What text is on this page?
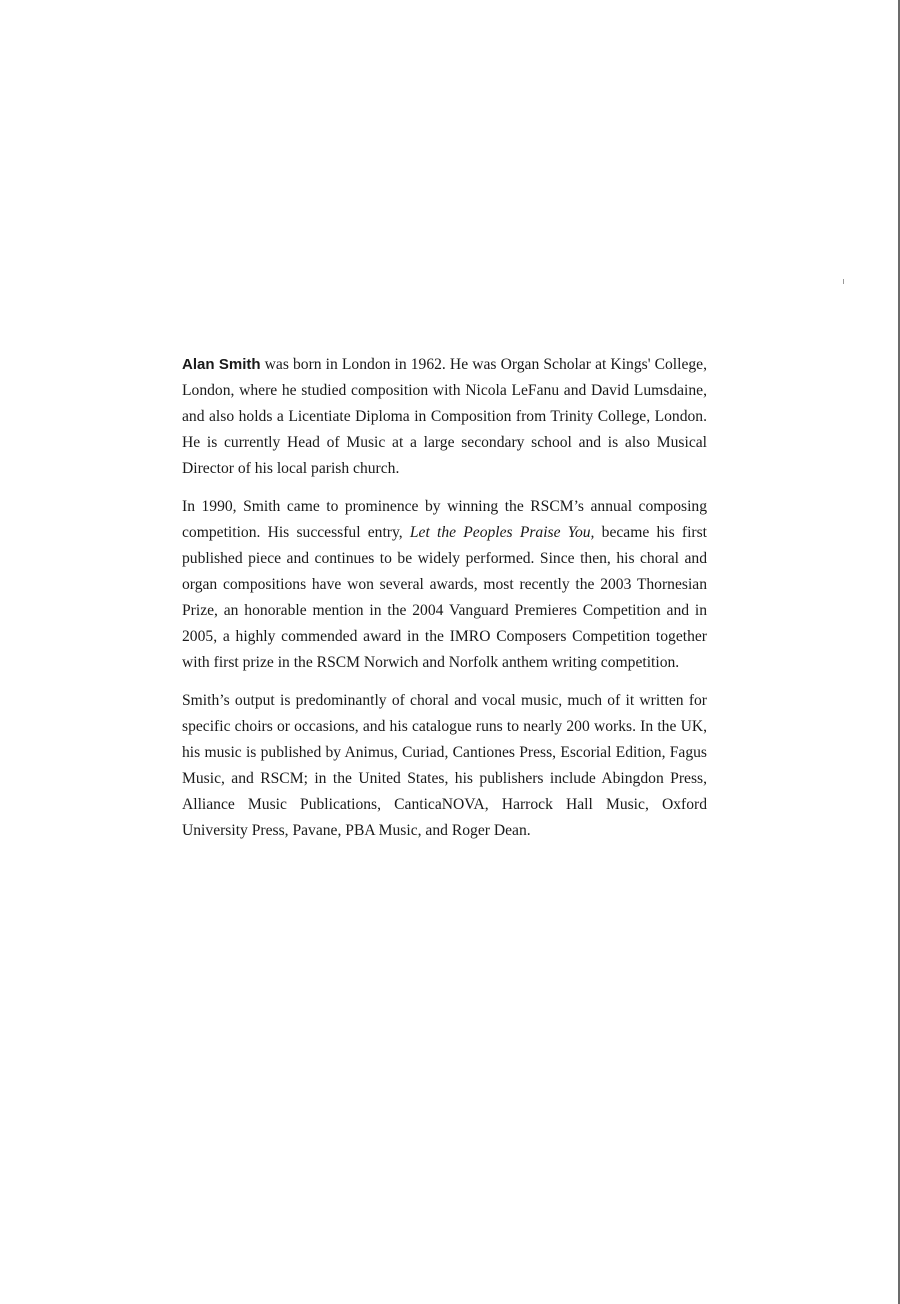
Alan Smith was born in London in 1962. He was Organ Scholar at Kings' College, London, where he studied composition with Nicola LeFanu and David Lumsdaine, and also holds a Licentiate Diploma in Composition from Trinity College, London. He is currently Head of Music at a large secondary school and is also Musical Director of his local parish church.

In 1990, Smith came to prominence by winning the RSCM’s annual composing competition. His successful entry, Let the Peoples Praise You, became his first published piece and continues to be widely performed. Since then, his choral and organ compositions have won several awards, most recently the 2003 Thornesian Prize, an honorable mention in the 2004 Vanguard Premieres Competition and in 2005, a highly commended award in the IMRO Composers Competition together with first prize in the RSCM Norwich and Norfolk anthem writing competition.

Smith’s output is predominantly of choral and vocal music, much of it written for specific choirs or occasions, and his catalogue runs to nearly 200 works. In the UK, his music is published by Animus, Curiad, Cantiones Press, Escorial Edition, Fagus Music, and RSCM; in the United States, his publishers include Abingdon Press, Alliance Music Publications, CanticaNOVA, Harrock Hall Music, Oxford University Press, Pavane, PBA Music, and Roger Dean.
